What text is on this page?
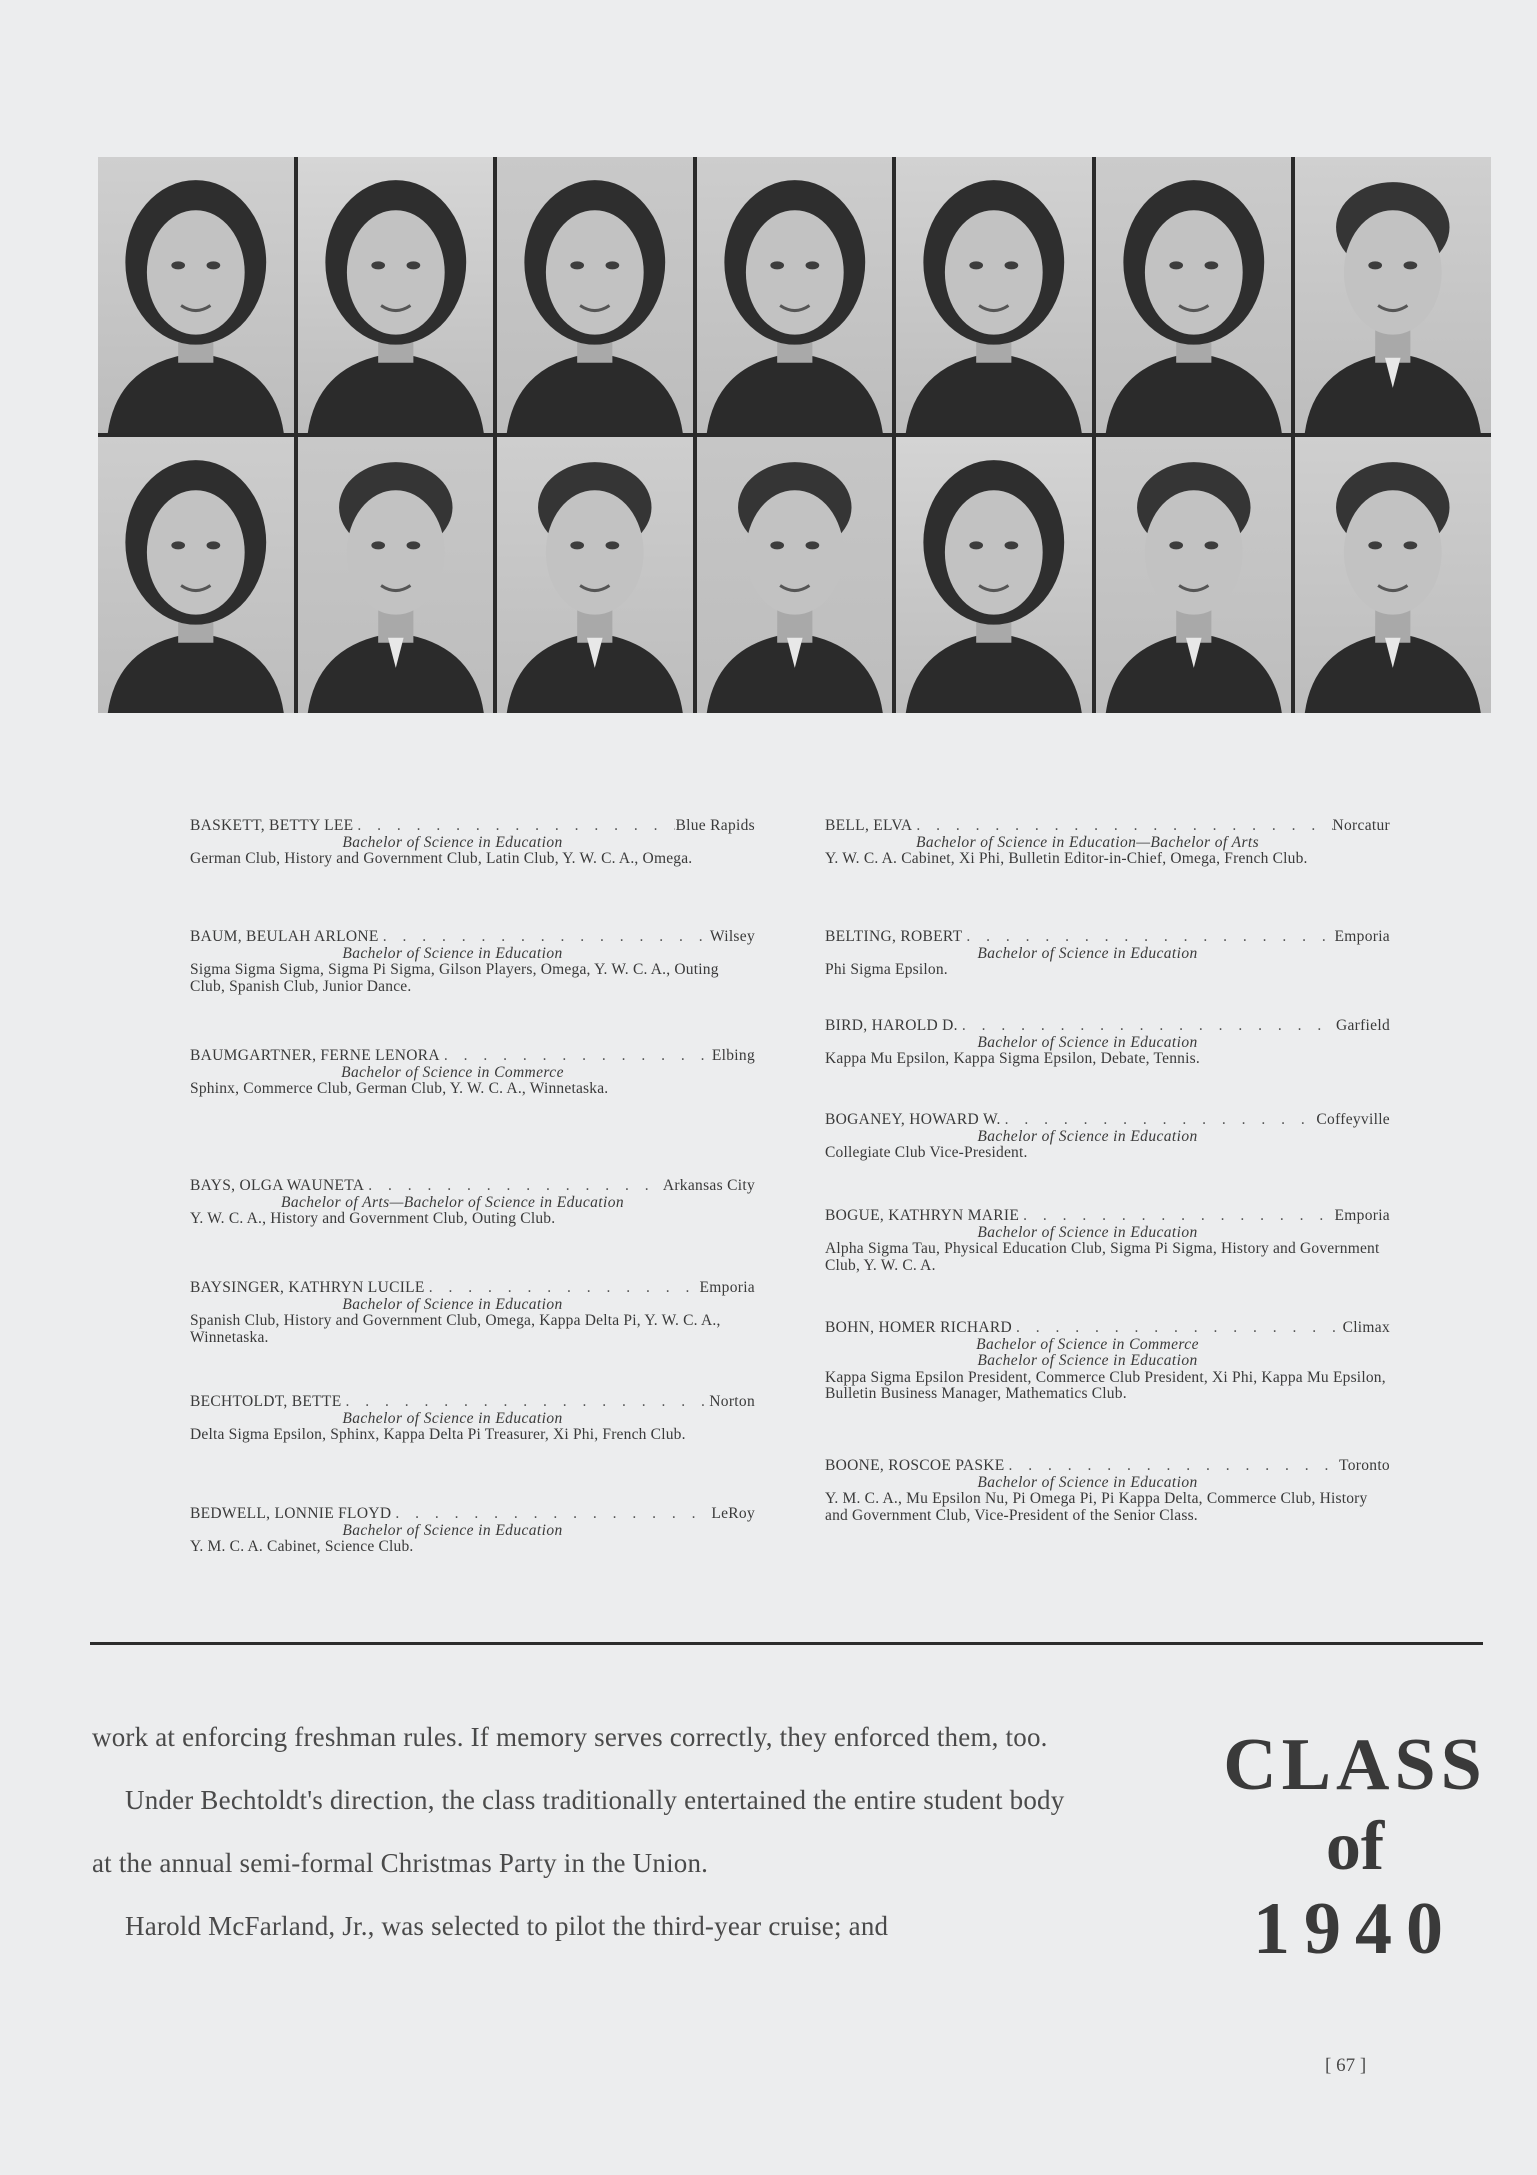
BASKETT, BETTY LEE . . .	Blue Rapids
Bachelor of Science in Education
German Club, History and Government Club, Latin Club, Y. W. C. A., Omega.
BAUM, BEULAH ARLONE . . .	Wilsey
Bachelor of Science in Education
Sigma Sigma Sigma, Sigma Pi Sigma, Gilson Players, Omega, Y. W. C. A., Outing Club, Spanish Club, Junior Dance.
BAUMGARTNER, FERNE LENORA . . .	Elbing
Bachelor of Science in Commerce
Sphinx, Commerce Club, German Club, Y. W. C. A., Winnetaska.
BAYS, OLGA WAUNETA . . .	Arkansas City
Bachelor of Arts—Bachelor of Science in Education
Y. W. C. A., History and Government Club, Outing Club.
BAYSINGER, KATHRYN LUCILE . . .	Emporia
Bachelor of Science in Education
Spanish Club, History and Government Club, Omega, Kappa Delta Pi, Y. W. C. A., Winnetaska.
BECHTOLDT, BETTE . . .	Norton
Bachelor of Science in Education
Delta Sigma Epsilon, Sphinx, Kappa Delta Pi Treasurer, Xi Phi, French Club.
BEDWELL, LONNIE FLOYD . . .	LeRoy
Bachelor of Science in Education
Y. M. C. A. Cabinet, Science Club.
BELL, ELVA . . .	Norcatur
Bachelor of Science in Education—Bachelor of Arts
Y. W. C. A. Cabinet, Xi Phi, Bulletin Editor-in-Chief, Omega, French Club.
BELTING, ROBERT . . .	Emporia
Bachelor of Science in Education
Phi Sigma Epsilon.
BIRD, HAROLD D. . . .	Garfield
Bachelor of Science in Education
Kappa Mu Epsilon, Kappa Sigma Epsilon, Debate, Tennis.
BOGANEY, HOWARD W. . . .	Coffeyville
Bachelor of Science in Education
Collegiate Club Vice-President.
BOGUE, KATHRYN MARIE . . .	Emporia
Bachelor of Science in Education
Alpha Sigma Tau, Physical Education Club, Sigma Pi Sigma, History and Government Club, Y. W. C. A.
BOHN, HOMER RICHARD . . .	Climax
Bachelor of Science in Commerce
Bachelor of Science in Education
Kappa Sigma Epsilon President, Commerce Club President, Xi Phi, Kappa Mu Epsilon, Bulletin Business Manager, Mathematics Club.
BOONE, ROSCOE PASKE . . .	Toronto
Bachelor of Science in Education
Y. M. C. A., Mu Epsilon Nu, Pi Omega Pi, Pi Kappa Delta, Commerce Club, History and Government Club, Vice-President of the Senior Class.

work at enforcing freshman rules. If memory serves correctly, they enforced them, too.

Under Bechtoldt's direction, the class traditionally entertained the entire student body at the annual semi-formal Christmas Party in the Union.

Harold McFarland, Jr., was selected to pilot the third-year cruise; and

CLASS
of
1940
[ 67 ]
